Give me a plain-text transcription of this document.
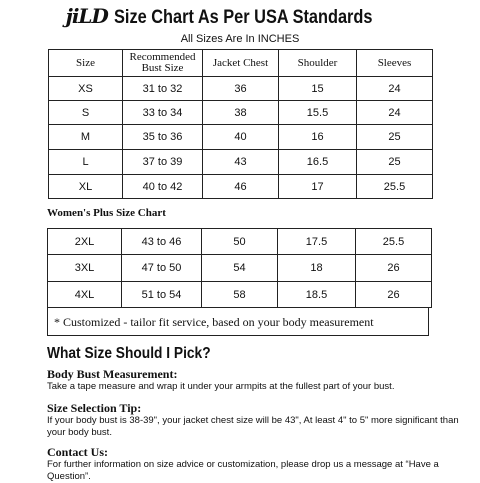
jiLD Size Chart As Per USA Standards
All Sizes Are In INCHES
Size	Recommended Bust Size	Jacket Chest	Shoulder	Sleeves
XS	31 to 32	36	15	24
S	33 to 34	38	15.5	24
M	35 to 36	40	16	25
L	37 to 39	43	16.5	25
XL	40 to 42	46	17	25.5
Women's Plus Size Chart
2XL	43 to 46	50	17.5	25.5
3XL	47 to 50	54	18	26
4XL	51 to 54	58	18.5	26
* Customized - tailor fit service, based on your body measurement
What Size Should I Pick?
Body Bust Measurement:
Take a tape measure and wrap it under your armpits at the fullest part of your bust.
Size Selection Tip:
If your body bust is 38-39", your jacket chest size will be 43", At least 4" to 5" more significant than your body bust.
Contact Us:
For further information on size advice or customization, please drop us a message at “Have a Question”.
